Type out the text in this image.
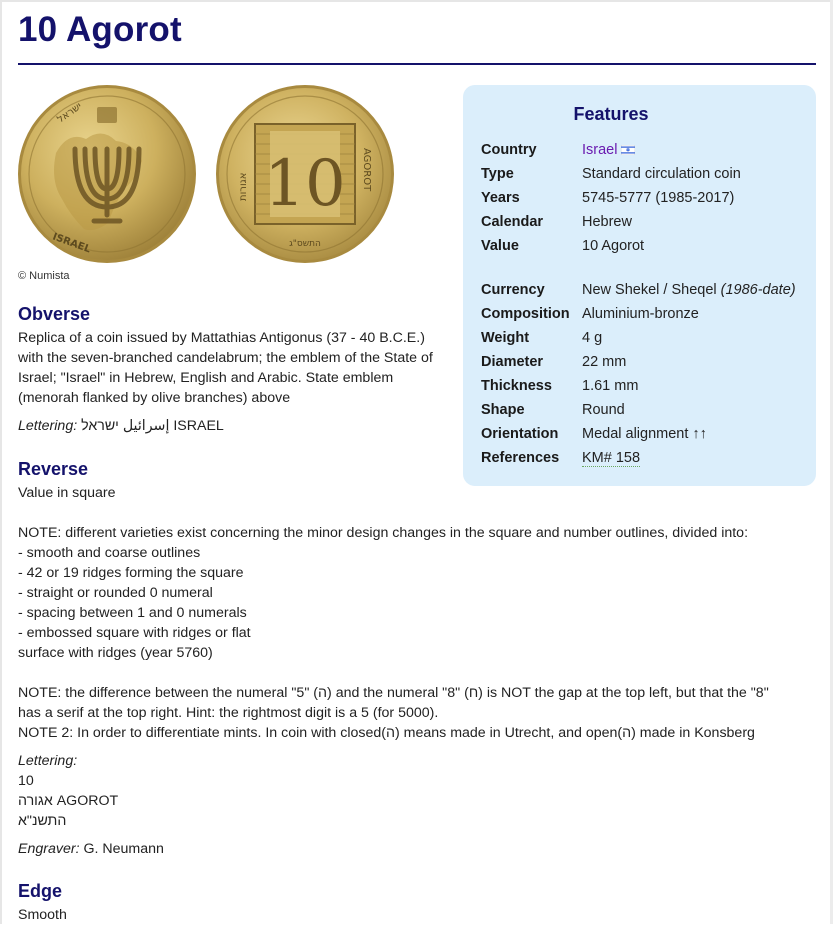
10 Agorot
ישראל
ISRAEL
10 AGOROT
אגורות
התשס"ג
© Numista
Obverse
Replica of a coin issued by Mattathias Antigonus (37 - 40 B.C.E.)
with the seven-branched candelabrum; the emblem of the State of
Israel; "Israel" in Hebrew, English and Arabic. State emblem
(menorah flanked by olive branches) above
Lettering: إسرائيل ישראל ISRAEL
Reverse
Value in square
NOTE: different varieties exist concerning the minor design changes in the square and number outlines, divided into:
- smooth and coarse outlines
- 42 or 19 ridges forming the square
- straight or rounded 0 numeral
- spacing between 1 and 0 numerals
- embossed square with ridges or flat
surface with ridges (year 5760)
NOTE: the difference between the numeral "5" (ה) and the numeral "8" (ח) is NOT the gap at the top left, but that the "8"
has a serif at the top right. Hint: the rightmost digit is a 5 (for 5000).
NOTE 2: In order to differentiate mints. In coin with closed(ה) means made in Utrecht, and open(ה) made in Konsberg
Lettering:
10
אגורה AGOROT
התשנ"א
Engraver: G. Neumann
Edge
Smooth
Features
Country	Israel
Type	Standard circulation coin
Years	5745-5777 (1985-2017)
Calendar	Hebrew
Value	10 Agorot
Currency	New Shekel / Sheqel (1986-date)
Composition Aluminium-bronze
Weight	4 g
Diameter	22 mm
Thickness 1.61 mm
Shape	Round
Orientation Medal alignment ↑↑
References KM# 158
